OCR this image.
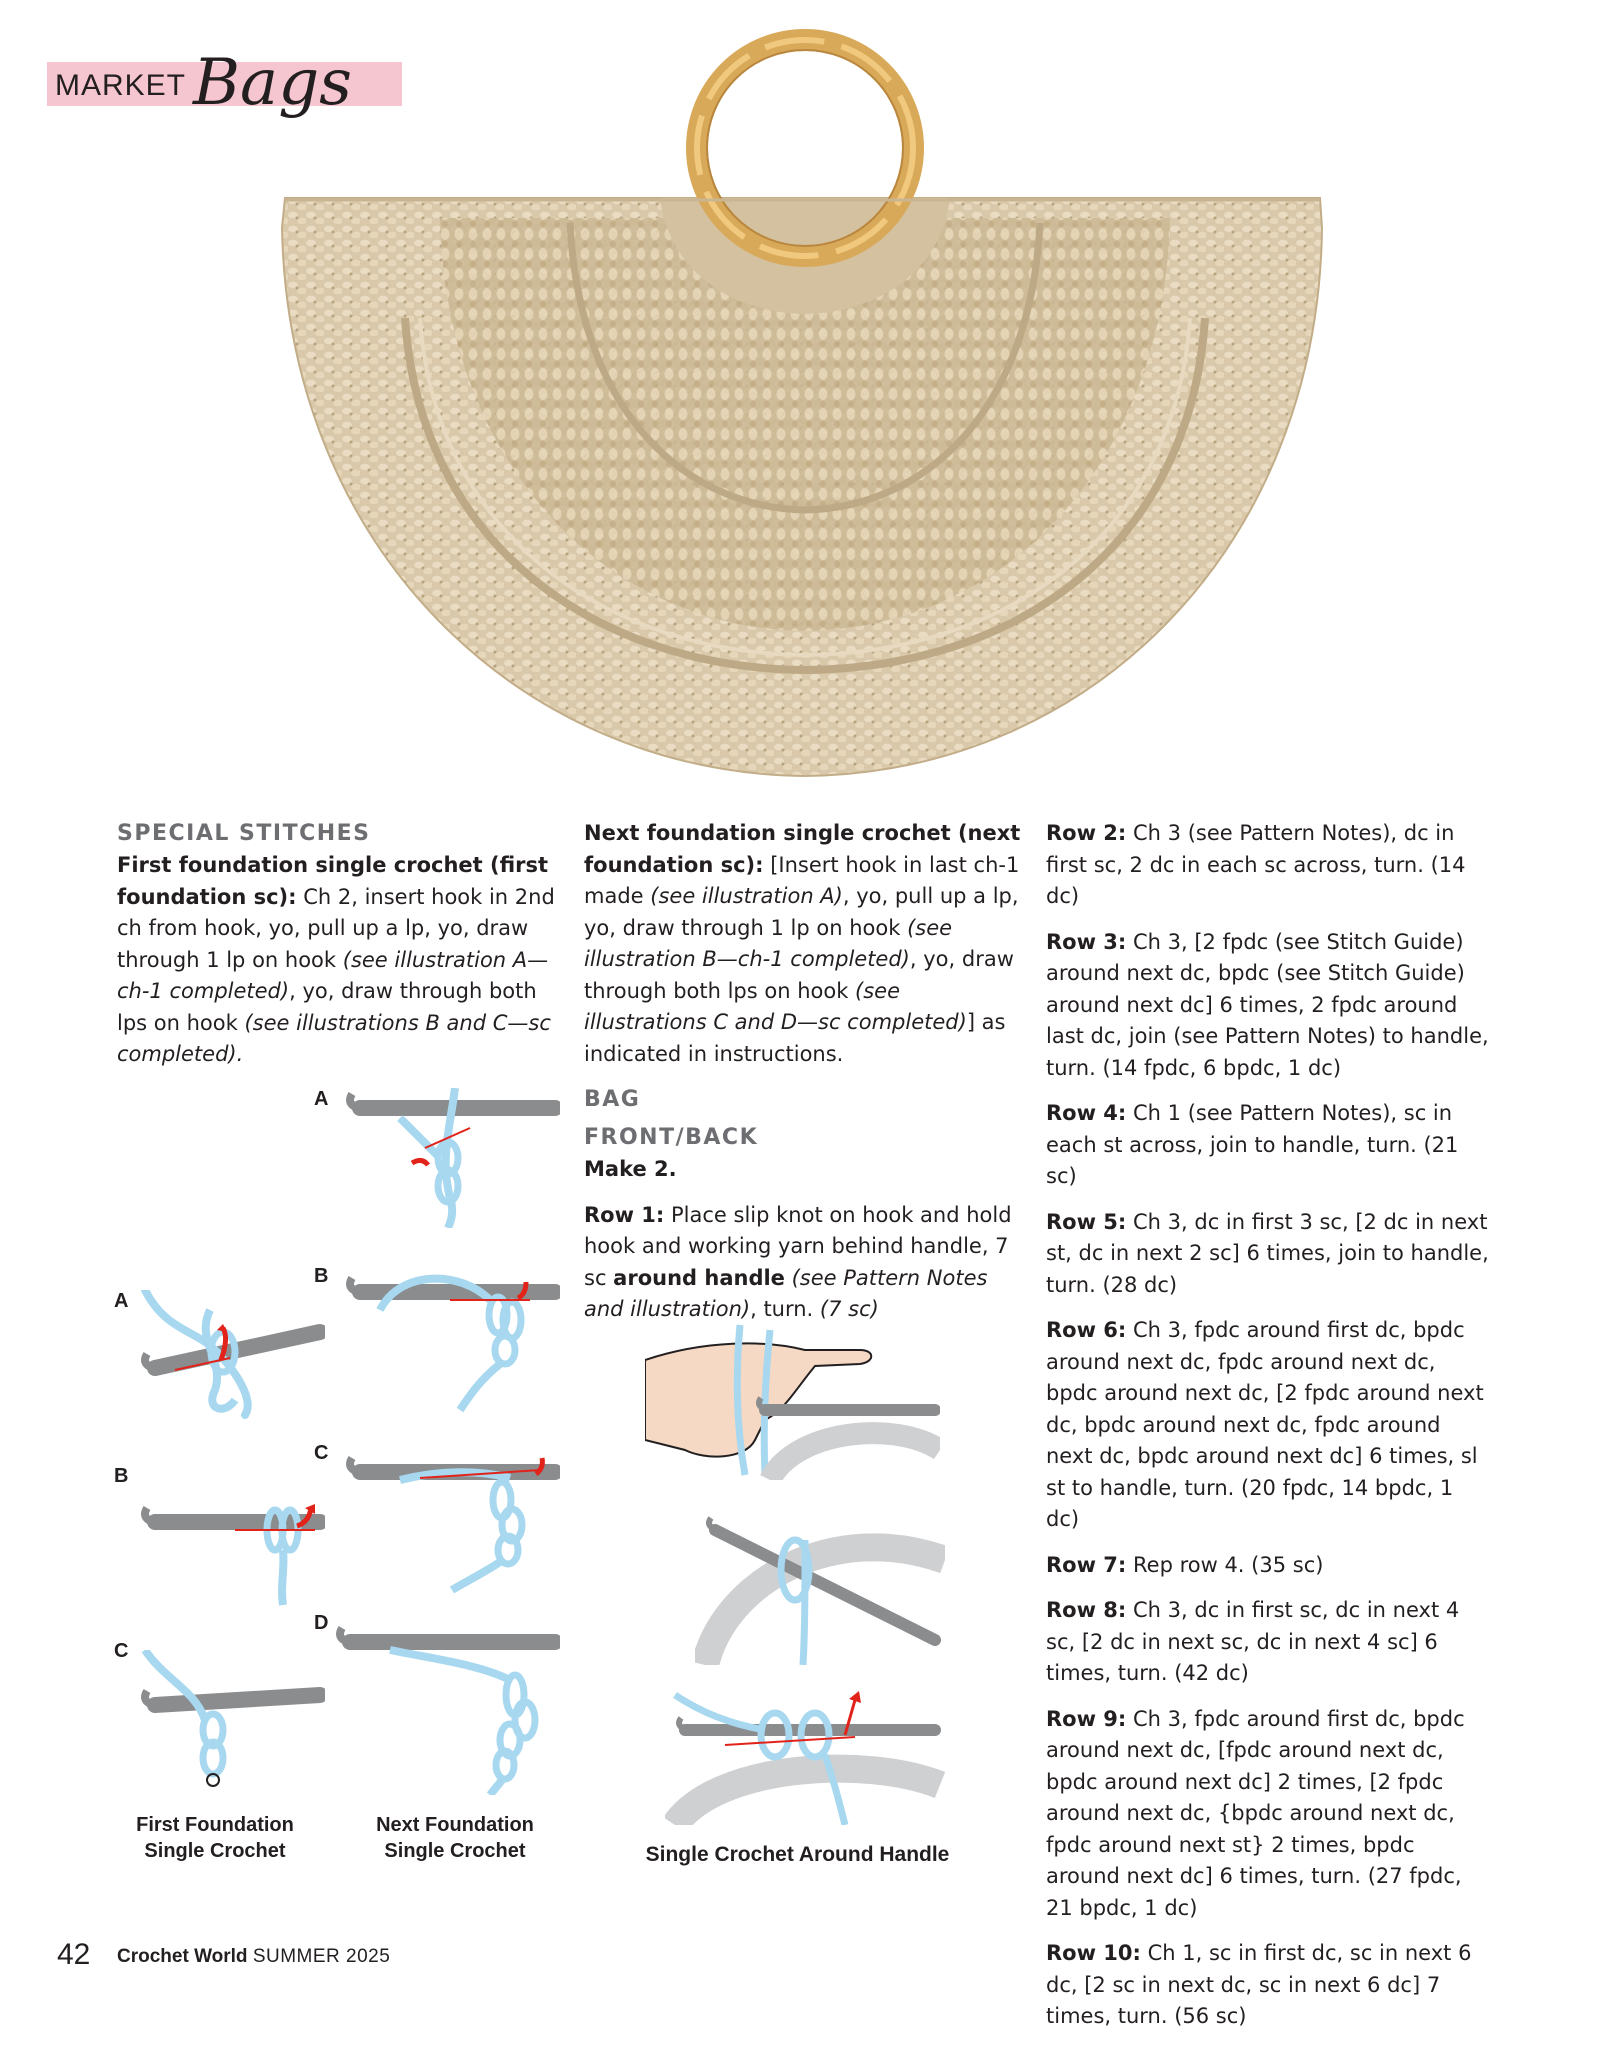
MARKET Bags
SPECIAL STITCHES

First foundation single crochet (first foundation sc): Ch 2, insert hook in 2nd ch from hook, yo, pull up a lp, yo, draw through 1 lp on hook (see illustration A—ch-1 completed), yo, draw through both lps on hook (see illustrations B and C—sc completed).

A
B
C
A
B
C
D
First Foundation Single Crochet
Next Foundation Single Crochet

Next foundation single crochet (next foundation sc): [Insert hook in last ch-1 made (see illustration A), yo, pull up a lp, yo, draw through 1 lp on hook (see illustration B—ch-1 completed), yo, draw through both lps on hook (see illustrations C and D—sc completed)] as indicated in instructions.

BAG
FRONT/BACK

Make 2.

Row 1: Place slip knot on hook and hold hook and working yarn behind handle, 7 sc around handle (see Pattern Notes and illustration), turn. (7 sc)

Single Crochet Around Handle

Row 2: Ch 3 (see Pattern Notes), dc in first sc, 2 dc in each sc across, turn. (14 dc)

Row 3: Ch 3, [2 fpdc (see Stitch Guide) around next dc, bpdc (see Stitch Guide) around next dc] 6 times, 2 fpdc around last dc, join (see Pattern Notes) to handle, turn. (14 fpdc, 6 bpdc, 1 dc)

Row 4: Ch 1 (see Pattern Notes), sc in each st across, join to handle, turn. (21 sc)

Row 5: Ch 3, dc in first 3 sc, [2 dc in next st, dc in next 2 sc] 6 times, join to handle, turn. (28 dc)

Row 6: Ch 3, fpdc around first dc, bpdc around next dc, fpdc around next dc, bpdc around next dc, [2 fpdc around next dc, bpdc around next dc, fpdc around next dc, bpdc around next dc] 6 times, sl st to handle, turn. (20 fpdc, 14 bpdc, 1 dc)

Row 7: Rep row 4. (35 sc)

Row 8: Ch 3, dc in first sc, dc in next 4 sc, [2 dc in next sc, dc in next 4 sc] 6 times, turn. (42 dc)

Row 9: Ch 3, fpdc around first dc, bpdc around next dc, [fpdc around next dc, bpdc around next dc] 2 times, [2 fpdc around next dc, {bpdc around next dc, fpdc around next st} 2 times, bpdc around next dc] 6 times, turn. (27 fpdc, 21 bpdc, 1 dc)

Row 10: Ch 1, sc in first dc, sc in next 6 dc, [2 sc in next dc, sc in next 6 dc] 7 times, turn. (56 sc)

42 Crochet World SUMMER 2025
